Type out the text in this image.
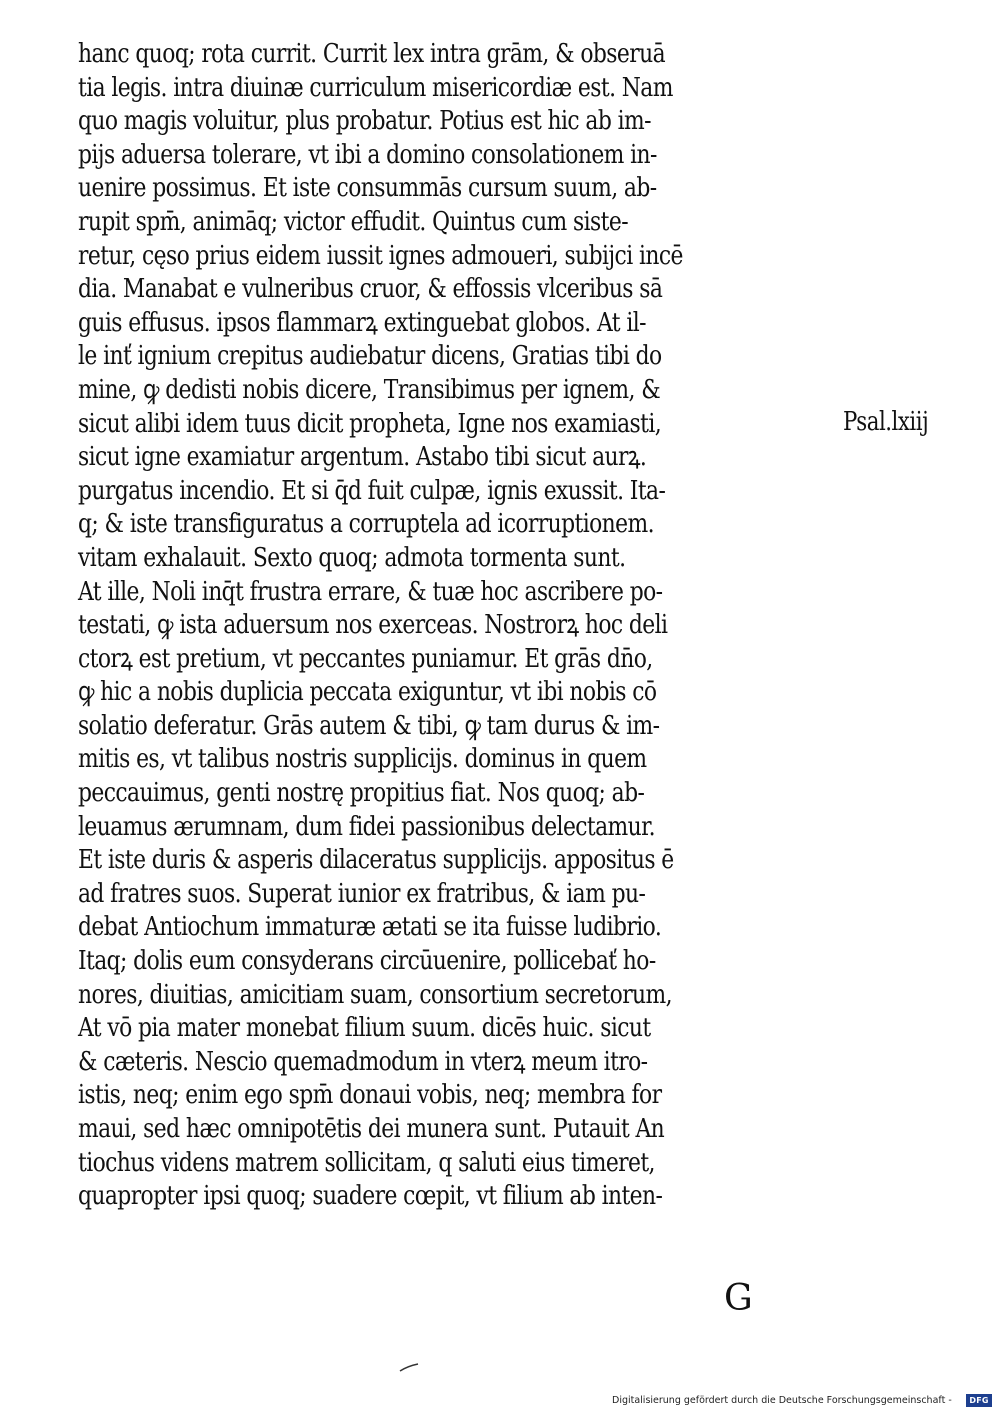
hanc quoq; rota currit. Currit lex intra grām, & obseruā
tia legis. intra diuinæ curriculum misericordiæ est. Nam
quo magis voluitur, plus probatur. Potius est hic ab im-
pijs aduersa tolerare, vt ibi a domino consolationem in-
uenire possimus. Et iste consummās cursum suum, ab-
rupit spm̄, animāq; victor effudit. Quintus cum siste-
retur, cęso prius eidem iussit ignes admoueri, subijci incē
dia. Manabat e vulneribus cruor, & effossis vlceribus sā
guis effusus. ipsos flammarꝝ extinguebat globos. At il-
le inť ignium crepitus audiebatur dicens, Gratias tibi do
mine, ꝙ dedisti nobis dicere, Transibimus per ignem, &
sicut alibi idem tuus dicit propheta, Igne nos examiasti,
sicut igne examiatur argentum. Astabo tibi sicut aurꝝ.
purgatus incendio. Et si q̄d fuit culpæ, ignis exussit. Ita-
q; & iste transfiguratus a corruptela ad icorruptionem.
vitam exhalauit. Sexto quoq; admota tormenta sunt.
At ille, Noli inq̄t frustra errare, & tuæ hoc ascribere po-
testati, ꝙ ista aduersum nos exerceas. Nostrorꝝ hoc deli
ctorꝝ est pretium, vt peccantes puniamur. Et grās dn̄o,
ꝙ hic a nobis duplicia peccata exiguntur, vt ibi nobis cō
solatio deferatur. Grās autem & tibi, ꝙ tam durus & im-
mitis es, vt talibus nostris supplicijs. dominus in quem
peccauimus, genti nostrę propitius fiat. Nos quoq; ab-
leuamus ærumnam, dum fidei passionibus delectamur.
Et iste duris & asperis dilaceratus supplicijs. appositus ē
ad fratres suos. Superat iunior ex fratribus, & iam pu-
debat Antiochum immaturæ ætati se ita fuisse ludibrio.
Itaq; dolis eum consyderans circūuenire, pollicebať ho-
nores, diuitias, amicitiam suam, consortium secretorum,
At vō pia mater monebat filium suum. dicēs huic. sicut
& cæteris. Nescio quemadmodum in vterꝝ meum itro-
istis, neq; enim ego spm̄ donaui vobis, neq; membra for
maui, sed hæc omnipotētis dei munera sunt. Putauit An
tiochus videns matrem sollicitam, q saluti eius timeret,
quapropter ipsi quoq; suadere cœpit, vt filium ab inten-
Psal.lxiij
G
Digitalisierung gefördert durch die Deutsche Forschungsgemeinschaft -	DFG
